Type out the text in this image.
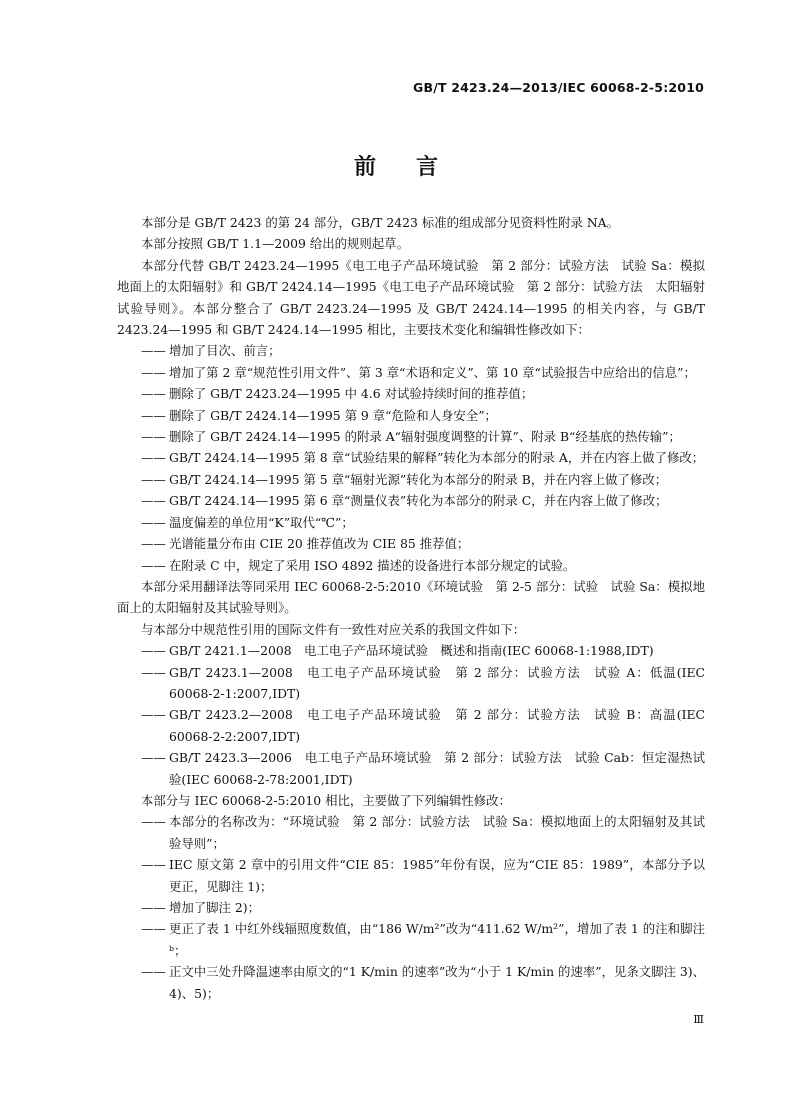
GB/T 2423.24—2013/IEC 60068-2-5:2010
前言

本部分是 GB/T 2423 的第 24 部分，GB/T 2423 标准的组成部分见资料性附录 NA。

本部分按照 GB/T 1.1—2009 给出的规则起草。

本部分代替 GB/T 2423.24—1995《电工电子产品环境试验　第 2 部分：试验方法　试验 Sa：模拟地面上的太阳辐射》和 GB/T 2424.14—1995《电工电子产品环境试验　第 2 部分：试验方法　太阳辐射试验导则》。本部分整合了 GB/T 2423.24—1995 及 GB/T 2424.14—1995 的相关内容，与 GB/T 2423.24—1995 和 GB/T 2424.14—1995 相比，主要技术变化和编辑性修改如下：

—— 增加了目次、前言；
—— 增加了第 2 章“规范性引用文件”、第 3 章“术语和定义”、第 10 章“试验报告中应给出的信息”；
—— 删除了 GB/T 2423.24—1995 中 4.6 对试验持续时间的推荐值；
—— 删除了 GB/T 2424.14—1995 第 9 章“危险和人身安全”；
—— 删除了 GB/T 2424.14—1995 的附录 A“辐射强度调整的计算”、附录 B“经基底的热传输”；
—— GB/T 2424.14—1995 第 8 章“试验结果的解释”转化为本部分的附录 A，并在内容上做了修改；
—— GB/T 2424.14—1995 第 5 章“辐射光源”转化为本部分的附录 B，并在内容上做了修改；
—— GB/T 2424.14—1995 第 6 章“测量仪表”转化为本部分的附录 C，并在内容上做了修改；
—— 温度偏差的单位用“K”取代“℃”；
—— 光谱能量分布由 CIE 20 推荐值改为 CIE 85 推荐值；
—— 在附录 C 中，规定了采用 ISO 4892 描述的设备进行本部分规定的试验。

本部分采用翻译法等同采用 IEC 60068-2-5:2010《环境试验　第 2-5 部分：试验　试验 Sa：模拟地面上的太阳辐射及其试验导则》。

与本部分中规范性引用的国际文件有一致性对应关系的我国文件如下：

—— GB/T 2421.1—2008　电工电子产品环境试验　概述和指南(IEC 60068-1:1988,IDT)
—— GB/T 2423.1—2008　电工电子产品环境试验　第 2 部分：试验方法　试验 A：低温(IEC 60068-2-1:2007,IDT)
—— GB/T 2423.2—2008　电工电子产品环境试验　第 2 部分：试验方法　试验 B：高温(IEC 60068-2-2:2007,IDT)
—— GB/T 2423.3—2006　电工电子产品环境试验　第 2 部分：试验方法　试验 Cab：恒定湿热试验(IEC 60068-2-78:2001,IDT)

本部分与 IEC 60068-2-5:2010 相比，主要做了下列编辑性修改：

—— 本部分的名称改为：“环境试验　第 2 部分：试验方法　试验 Sa：模拟地面上的太阳辐射及其试验导则”；
—— IEC 原文第 2 章中的引用文件“CIE 85：1985”年份有误，应为“CIE 85：1989”，本部分予以更正，见脚注 1)；
—— 增加了脚注 2)；
—— 更正了表 1 中红外线辐照度数值，由“186 W/m²”改为“411.62 W/m²”，增加了表 1 的注和脚注ᵇ；
—— 正文中三处升降温速率由原文的“1 K/min 的速率”改为“小于 1 K/min 的速率”，见条文脚注 3)、4)、5)；
Ⅲ
